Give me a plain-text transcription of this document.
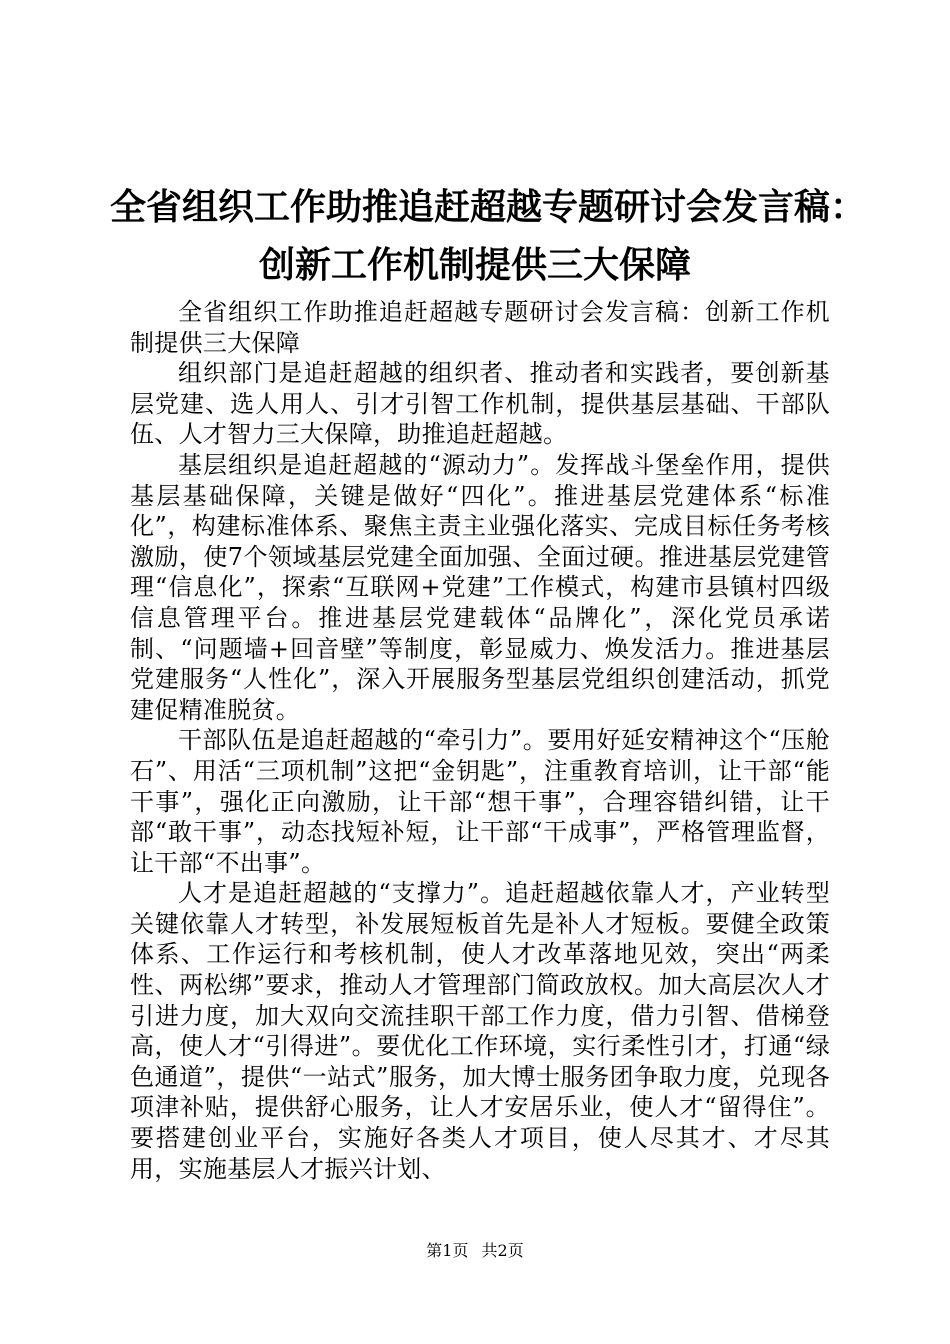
全省组织工作助推追赶超越专题研讨会发言稿：
创新工作机制提供三大保障

全省组织工作助推追赶超越专题研讨会发言稿：创新工作机制提供三大保障

组织部门是追赶超越的组织者、推动者和实践者，要创新基层党建、选人用人、引才引智工作机制，提供基层基础、干部队伍、人才智力三大保障，助推追赶超越。

基层组织是追赶超越的“源动力”。发挥战斗堡垒作用，提供基层基础保障，关键是做好“四化”。推进基层党建体系“标准化”，构建标准体系、聚焦主责主业强化落实、完成目标任务考核激励，使7个领域基层党建全面加强、全面过硬。推进基层党建管理“信息化”，探索“互联网+党建”工作模式，构建市县镇村四级信息管理平台。推进基层党建载体“品牌化”，深化党员承诺制、“问题墙+回音壁”等制度，彰显威力、焕发活力。推进基层党建服务“人性化”，深入开展服务型基层党组织创建活动，抓党建促精准脱贫。

干部队伍是追赶超越的“牵引力”。要用好延安精神这个“压舱石”、用活“三项机制”这把“金钥匙”，注重教育培训，让干部“能干事”，强化正向激励，让干部“想干事”，合理容错纠错，让干部“敢干事”，动态找短补短，让干部“干成事”，严格管理监督，让干部“不出事”。

人才是追赶超越的“支撑力”。追赶超越依靠人才，产业转型关键依靠人才转型，补发展短板首先是补人才短板。要健全政策体系、工作运行和考核机制，使人才改革落地见效，突出“两柔性、两松绑”要求，推动人才管理部门简政放权。加大高层次人才引进力度，加大双向交流挂职干部工作力度，借力引智、借梯登高，使人才“引得进”。要优化工作环境，实行柔性引才，打通“绿色通道”，提供“一站式”服务，加大博士服务团争取力度，兑现各项津补贴，提供舒心服务，让人才安居乐业，使人才“留得住”。要搭建创业平台，实施好各类人才项目，使人尽其才、才尽其用，实施基层人才振兴计划、

第1页 共2页
